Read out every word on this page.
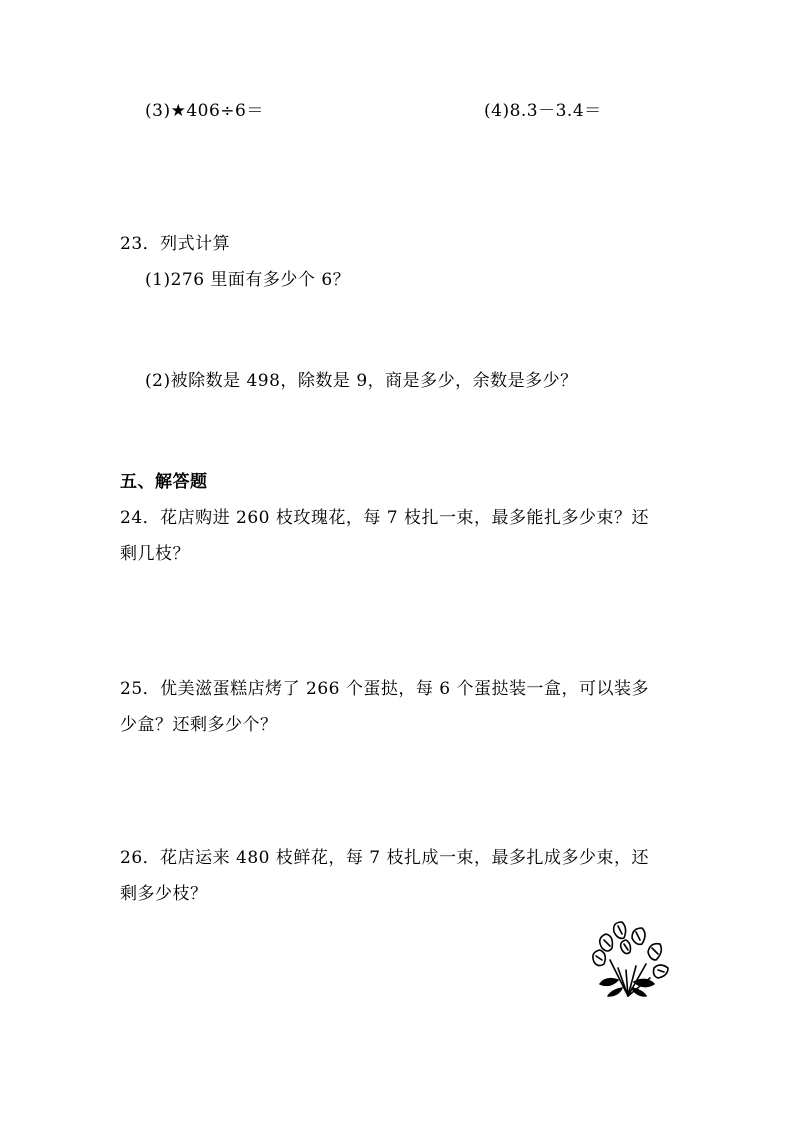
(3)★406÷6＝	(4)8.3－3.4＝
23．列式计算
(1)276 里面有多少个 6？
(2)被除数是 498，除数是 9，商是多少，余数是多少？
五、解答题
24．花店购进 260 枝玫瑰花，每 7 枝扎一束，最多能扎多少束？还
剩几枝？
25．优美滋蛋糕店烤了 266 个蛋挞，每 6 个蛋挞装一盒，可以装多
少盒？还剩多少个？
26．花店运来 480 枝鲜花，每 7 枝扎成一束，最多扎成多少束，还
剩多少枝？
